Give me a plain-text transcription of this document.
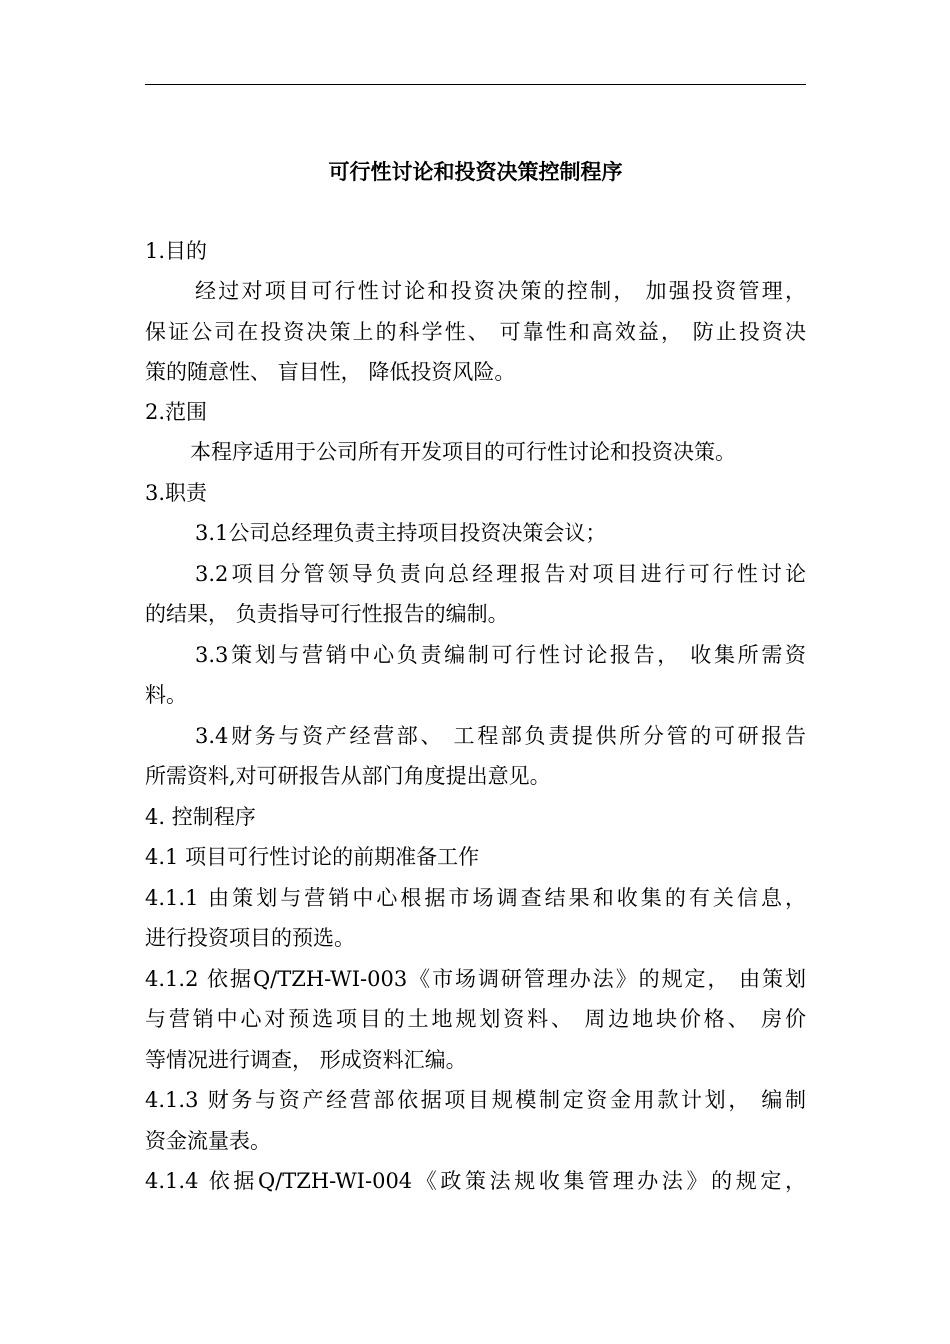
可行性讨论和投资决策控制程序
1.目的
经过对项目可行性讨论和投资决策的控制， 加强投资管理，
保证公司在投资决策上的科学性、 可靠性和高效益， 防止投资决
策的随意性、 盲目性， 降低投资风险。
2.范围
本程序适用于公司所有开发项目的可行性讨论和投资决策。
3.职责
3.1公司总经理负责主持项目投资决策会议；
3.2项目分管领导负责向总经理报告对项目进行可行性讨论
的结果， 负责指导可行性报告的编制。
3.3策划与营销中心负责编制可行性讨论报告， 收集所需资
料。
3.4财务与资产经营部、 工程部负责提供所分管的可研报告
所需资料,对可研报告从部门角度提出意见。
4. 控制程序
4.1 项目可行性讨论的前期准备工作
4.1.1 由策划与营销中心根据市场调查结果和收集的有关信息，
进行投资项目的预选。
4.1.2 依据Q/TZH-WI-003《市场调研管理办法》的规定， 由策划
与营销中心对预选项目的土地规划资料、 周边地块价格、 房价
等情况进行调查， 形成资料汇编。
4.1.3 财务与资产经营部依据项目规模制定资金用款计划， 编制
资金流量表。
4.1.4 依据Q/TZH-WI-004《政策法规收集管理办法》的规定，
